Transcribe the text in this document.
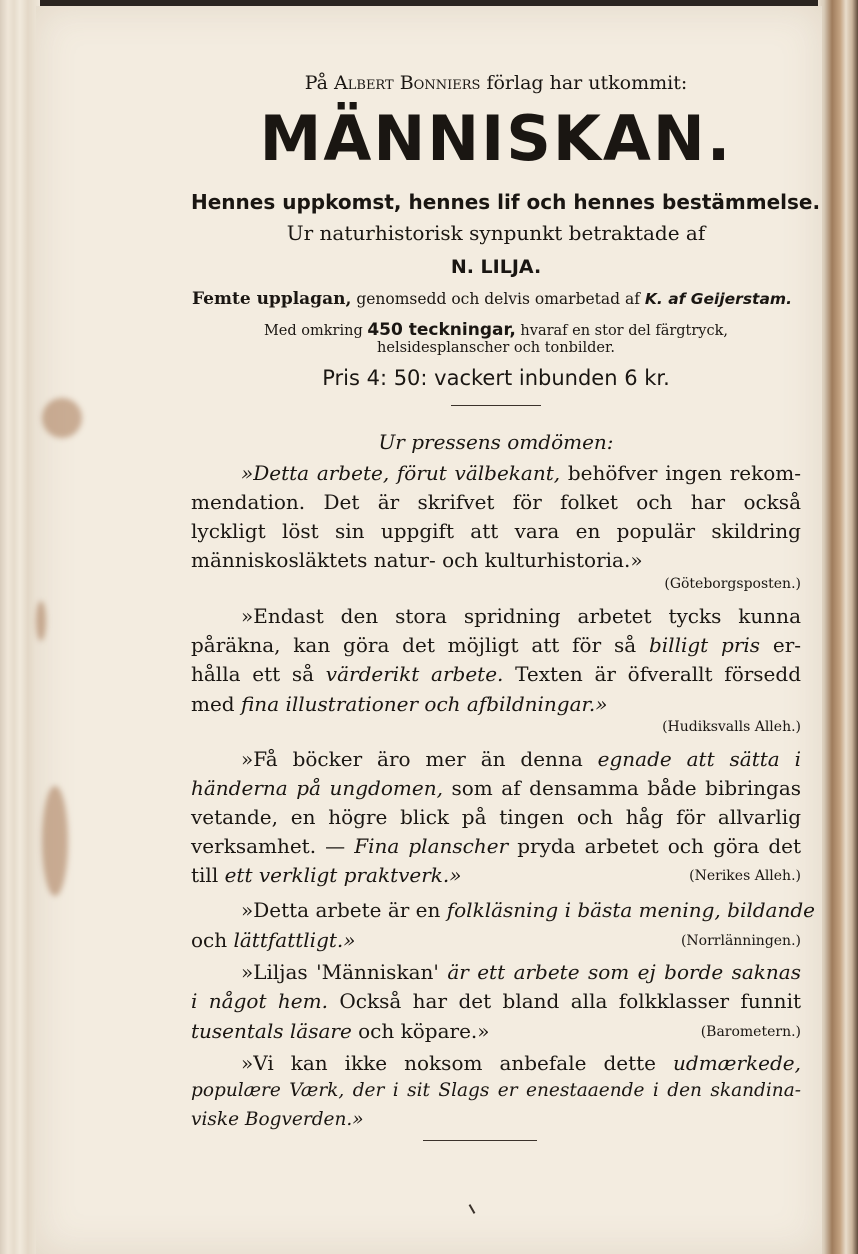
På Albert Bonniers förlag har utkommit:
MÄNNISKAN.
Hennes uppkomst, hennes lif och hennes bestämmelse.
Ur naturhistorisk synpunkt betraktade af
N. LILJA.
Femte upplagan, genomsedd och delvis omarbetad af K. af Geijerstam.
Med omkring 450 teckningar, hvaraf en stor del färgtryck,
helsidesplanscher och tonbilder.
Pris 4: 50: vackert inbunden 6 kr.
Ur pressens omdömen:
»Detta arbete, förut välbekant, behöfver ingen rekom-
mendation. Det är skrifvet för folket och har också
lyckligt löst sin uppgift att vara en populär skildring
människosläktets natur- och kulturhistoria.»
(Göteborgsposten.)
»Endast den stora spridning arbetet tycks kunna
påräkna, kan göra det möjligt att för så billigt pris er-
hålla ett så värderikt arbete. Texten är öfverallt försedd
med fina illustrationer och afbildningar.»
(Hudiksvalls Alleh.)
»Få böcker äro mer än denna egnade att sätta i
händerna på ungdomen, som af densamma både bibringas
vetande, en högre blick på tingen och håg för allvarlig
verksamhet. — Fina planscher pryda arbetet och göra det
till ett verkligt praktverk.»	(Nerikes Alleh.)
»Detta arbete är en folkläsning i bästa mening, bildande
och lättfattligt.»	(Norrlänningen.)
»Liljas 'Människan' är ett arbete som ej borde saknas
i något hem. Också har det bland alla folkklasser funnit
tusentals läsare och köpare.»	(Barometern.)
»Vi kan ikke noksom anbefale dette udmærkede,
populære Værk, der i sit Slags er enestaaende i den skandina-
viske Bogverden.»
